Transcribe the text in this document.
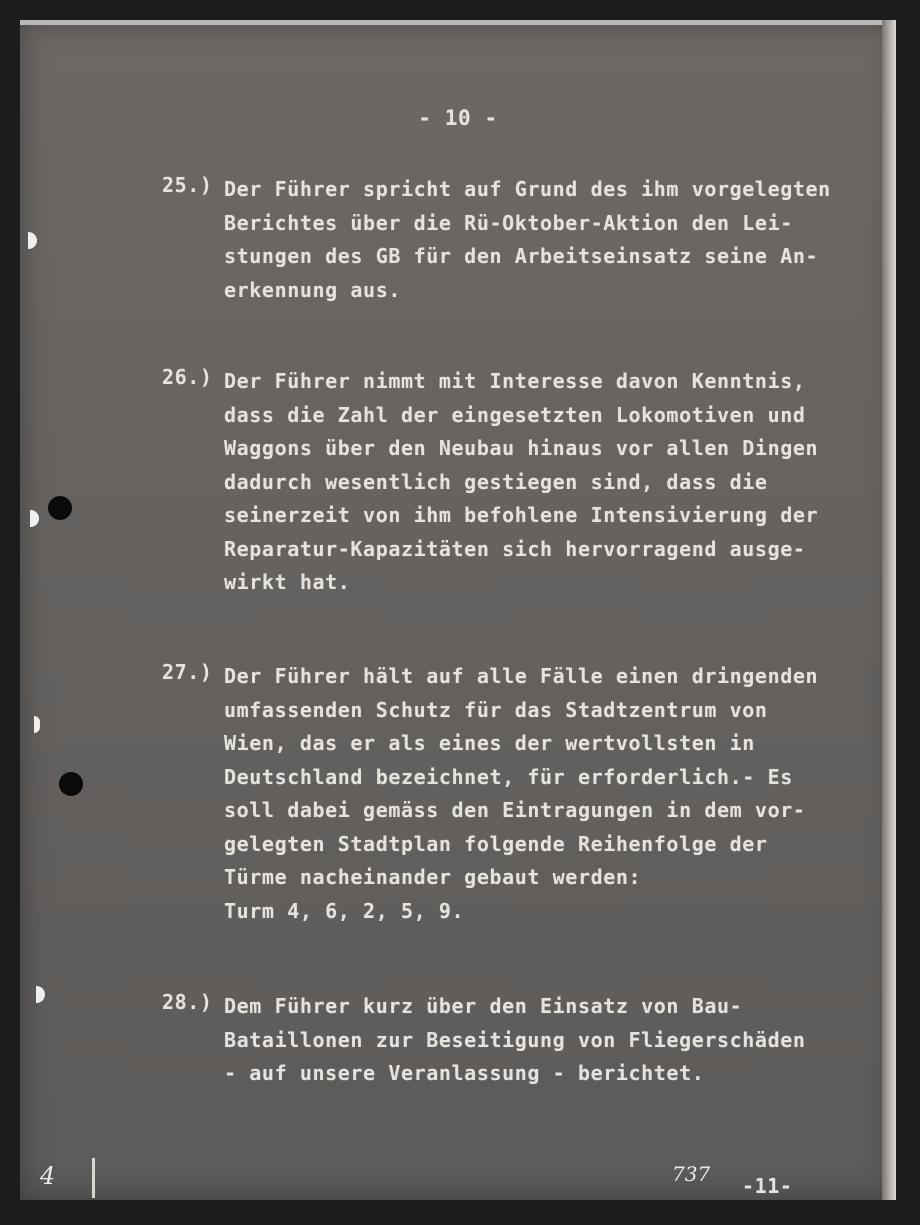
- 10 -
25.) Der Führer spricht auf Grund des ihm vorgelegten
Berichtes über die Rü-Oktober-Aktion den Lei-
stungen des GB für den Arbeitseinsatz seine An-
erkennung aus.
26.) Der Führer nimmt mit Interesse davon Kenntnis,
dass die Zahl der eingesetzten Lokomotiven und
Waggons über den Neubau hinaus vor allen Dingen
dadurch wesentlich gestiegen sind, dass die
seinerzeit von ihm befohlene Intensivierung der
Reparatur-Kapazitäten sich hervorragend ausge-
wirkt hat.
27.) Der Führer hält auf alle Fälle einen dringenden
umfassenden Schutz für das Stadtzentrum von
Wien, das er als eines der wertvollsten in
Deutschland bezeichnet, für erforderlich.- Es
soll dabei gemäss den Eintragungen in dem vor-
gelegten Stadtplan folgende Reihenfolge der
Türme nacheinander gebaut werden:
Turm 4, 6, 2, 5, 9.
28.) Dem Führer kurz über den Einsatz von Bau-
Bataillonen zur Beseitigung von Fliegerschäden
- auf unsere Veranlassung - berichtet.
737 -11-
4
